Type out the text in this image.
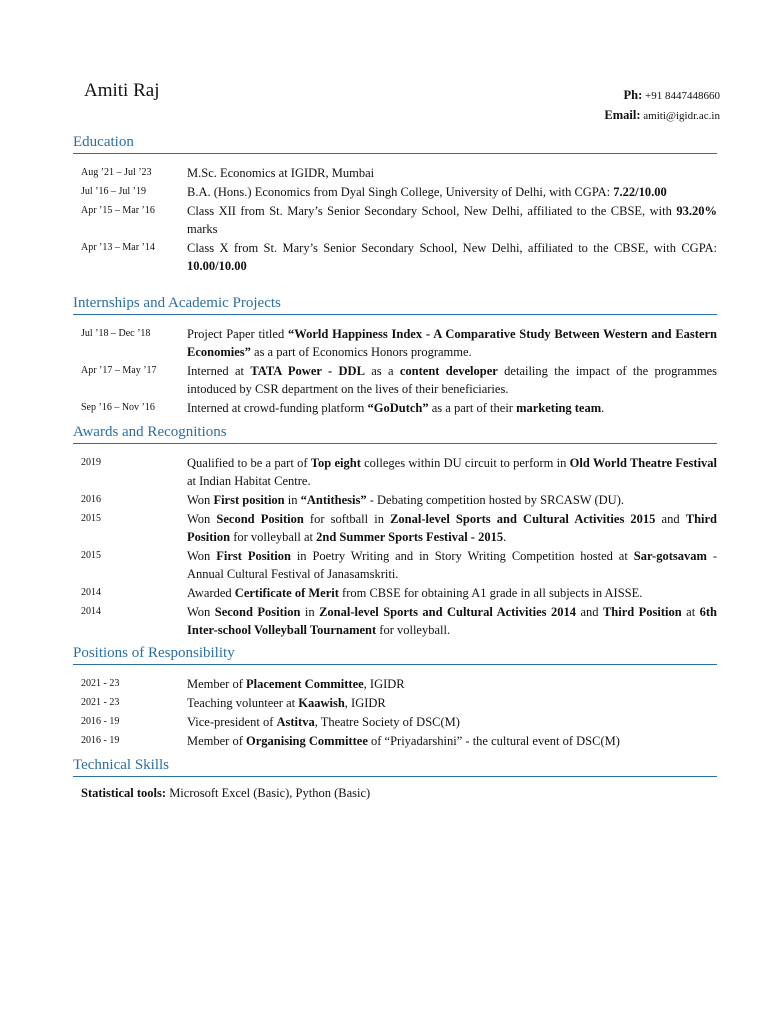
Amiti Raj	Ph: +91 8447448660
Email: amiti@igidr.ac.in
Education
Aug ’21 – Jul ’23	M.Sc. Economics at IGIDR, Mumbai
Jul ’16 – Jul ’19	B.A. (Hons.) Economics from Dyal Singh College, University of Delhi, with CGPA: 7.22/10.00
Apr ’15 – Mar ’16	Class XII from St. Mary’s Senior Secondary School, New Delhi, affiliated to the CBSE, with 93.20% marks
Apr ’13 – Mar ’14	Class X from St. Mary’s Senior Secondary School, New Delhi, affiliated to the CBSE, with CGPA: 10.00/10.00
Internships and Academic Projects
Jul ’18 – Dec ’18	Project Paper titled “World Happiness Index - A Comparative Study Between Western and Eastern Economies” as a part of Economics Honors programme.
Apr ’17 – May ’17	Interned at TATA Power - DDL as a content developer detailing the impact of the programmes intoduced by CSR department on the lives of their beneficiaries.
Sep ’16 – Nov ’16	Interned at crowd-funding platform “GoDutch” as a part of their marketing team.
Awards and Recognitions
2019	Qualified to be a part of Top eight colleges within DU circuit to perform in Old World Theatre Festival at Indian Habitat Centre.
2016	Won First position in “Antithesis” - Debating competition hosted by SRCASW (DU).
2015	Won Second Position for softball in Zonal-level Sports and Cultural Activities 2015 and Third Position for volleyball at 2nd Summer Sports Festival - 2015.
2015	Won First Position in Poetry Writing and in Story Writing Competition hosted at Sar-gotsavam - Annual Cultural Festival of Janasamskriti.
2014	Awarded Certificate of Merit from CBSE for obtaining A1 grade in all subjects in AISSE.
2014	Won Second Position in Zonal-level Sports and Cultural Activities 2014 and Third Position at 6th Inter-school Volleyball Tournament for volleyball.
Positions of Responsibility
2021 - 23	Member of Placement Committee, IGIDR
2021 - 23	Teaching volunteer at Kaawish, IGIDR
2016 - 19	Vice-president of Astitva, Theatre Society of DSC(M)
2016 - 19	Member of Organising Committee of “Priyadarshini” - the cultural event of DSC(M)
Technical Skills
Statistical tools: Microsoft Excel (Basic), Python (Basic)
